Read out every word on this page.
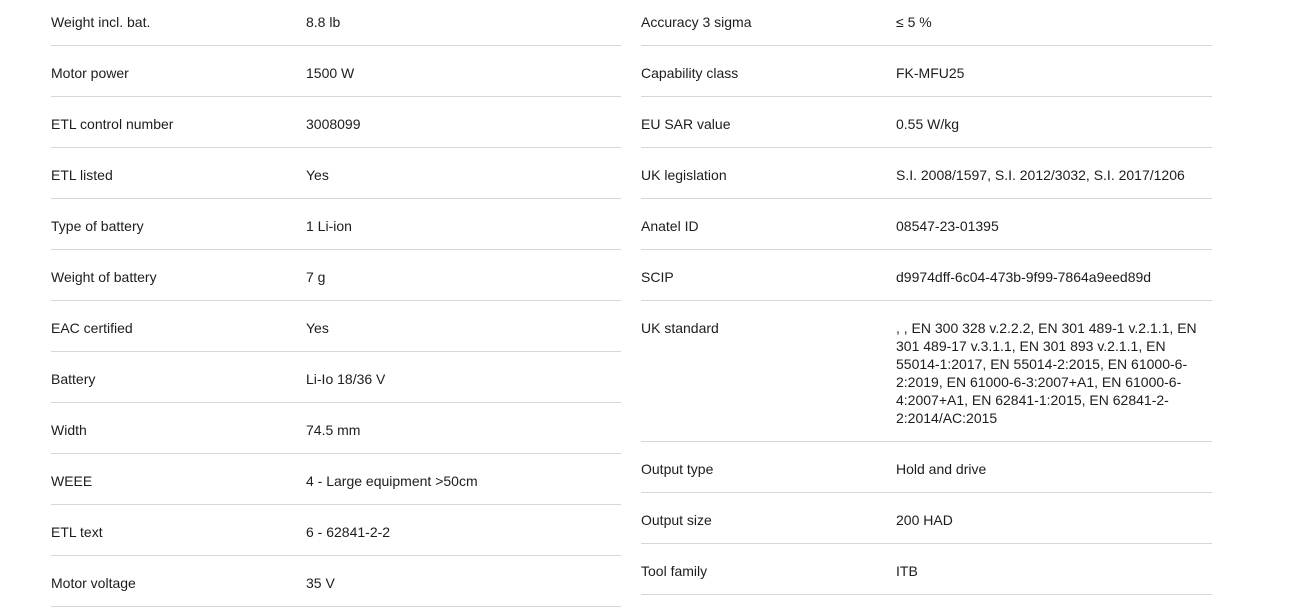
Weight incl. bat.	8.8 lb
Motor power	1500 W
ETL control number	3008099
ETL listed	Yes
Type of battery	1 Li-ion
Weight of battery	7 g
EAC certified	Yes
Battery	Li-Io 18/36 V
Width	74.5 mm
WEEE	4 - Large equipment >50cm
ETL text	6 - 62841-2-2
Motor voltage	35 V
Accuracy 3 sigma	≤ 5 %
Capability class	FK-MFU25
EU SAR value	0.55 W/kg
UK legislation	S.I. 2008/1597, S.I. 2012/3032, S.I. 2017/1206
Anatel ID	08547-23-01395
SCIP	d9974dff-6c04-473b-9f99-7864a9eed89d
UK standard	, , EN 300 328 v.2.2.2, EN 301 489-1 v.2.1.1, EN 301 489-17 v.3.1.1, EN 301 893 v.2.1.1, EN 55014-1:2017, EN 55014-2:2015, EN 61000-6-2:2019, EN 61000-6-3:2007+A1, EN 61000-6-4:2007+A1, EN 62841-1:2015, EN 62841-2-2:2014/AC:2015
Output type	Hold and drive
Output size	200 HAD
Tool family	ITB
